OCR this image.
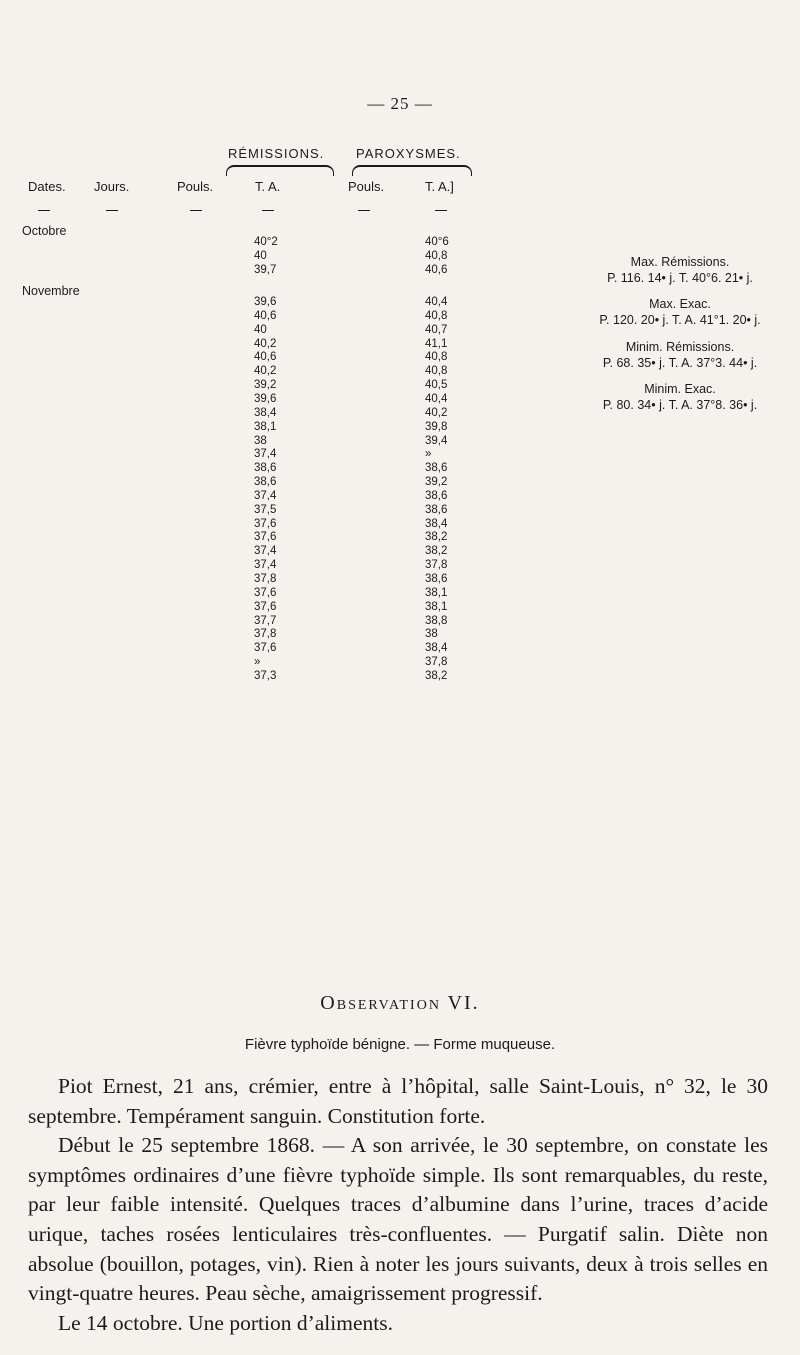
— 25 —
RÉMISSIONS. PAROXYSMES.
Dates. Jours.	Pouls.	T. A.	Pouls.	T. A.]
Octobre
Novembre
40°2	40°6
40	40,8
39,7	40,6
39,6	40,4
40,6	40,8
40	40,7
40,2	41,1
40,6	40,8
40,2	40,8
39,2	40,5
39,6	40,4
38,4	40,2
38,1	39,8
38	39,4
37,4	»
38,6	38,6
38,6	39,2
37,4	38,6
37,5	38,6
37,6	38,4
37,6	38,2
37,4	38,2
37,4	37,8
37,8	38,6
37,6	38,1
37,6	38,1
37,7	38,8
37,8	38
37,6	38,4
»	37,8
37,3	38,2
Max. Rémissions.
P. 116. 14• j. T. 40°6. 21• j.
Max. Exac.
P. 120. 20• j. T. A. 41°1. 20• j.
Minim. Rémissions.
P. 68. 35• j. T. A. 37°3. 44• j.
Minim. Exac.
P. 80. 34• j. T. A. 37°8. 36• j.
Observation VI.
Fièvre typhoïde bénigne. — Forme muqueuse.

Piot Ernest, 21 ans, crémier, entre à l’hôpital, salle Saint-Louis, n° 32, le 30 septembre. Tempérament sanguin. Constitution forte.

Début le 25 septembre 1868. — A son arrivée, le 30 septembre, on constate les symptômes ordinaires d’une fièvre typhoïde simple. Ils sont remarquables, du reste, par leur faible intensité. Quelques traces d’albumine dans l’urine, traces d’acide urique, taches rosées lenticulaires très-confluentes. — Purgatif salin. Diète non absolue (bouillon, potages, vin). Rien à noter les jours suivants, deux à trois selles en vingt-quatre heures. Peau sèche, amaigrissement progressif.

Le 14 octobre. Une portion d’aliments.
